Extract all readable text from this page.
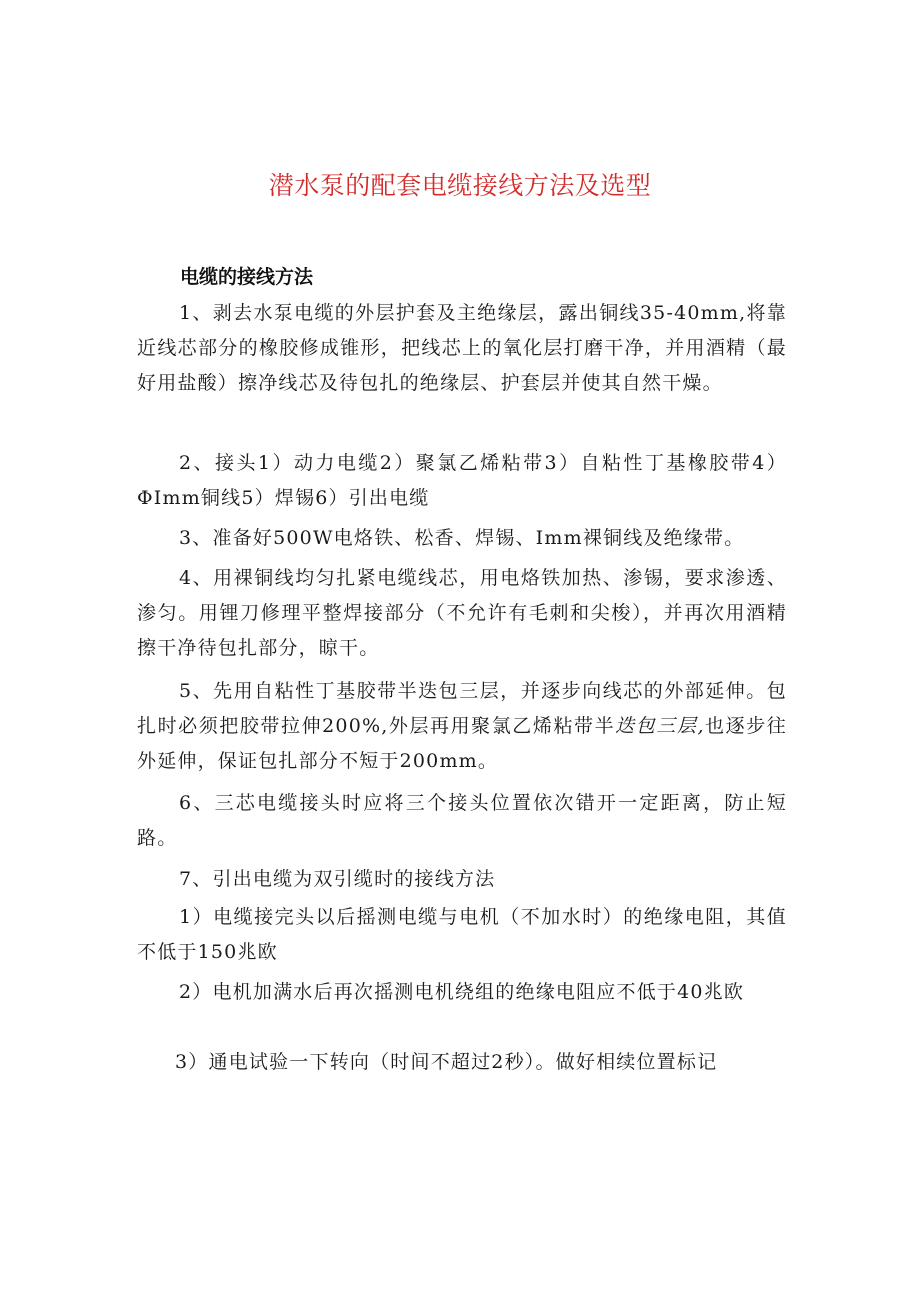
潜水泵的配套电缆接线方法及选型
电缆的接线方法
1、剥去水泵电缆的外层护套及主绝缘层，露出铜线35-40mm,将靠近线芯部分的橡胶修成锥形，把线芯上的氧化层打磨干净，并用酒精（最好用盐酸）擦净线芯及待包扎的绝缘层、护套层并使其自然干燥。
2、接头1）动力电缆2）聚氯乙烯粘带3）自粘性丁基橡胶带4）ΦImm铜线5）焊锡6）引出电缆
3、准备好500W电烙铁、松香、焊锡、Imm裸铜线及绝缘带。
4、用裸铜线均匀扎紧电缆线芯，用电烙铁加热、渗锡，要求渗透、渗匀。用锂刀修理平整焊接部分（不允许有毛刺和尖梭），并再次用酒精擦干净待包扎部分，晾干。
5、先用自粘性丁基胶带半迭包三层，并逐步向线芯的外部延伸。包扎时必须把胶带拉伸200%,外层再用聚氯乙烯粘带半迭包三层,也逐步往外延伸，保证包扎部分不短于200mm。
6、三芯电缆接头时应将三个接头位置依次错开一定距离，防止短路。
7、引出电缆为双引缆时的接线方法
1）电缆接完头以后摇测电缆与电机（不加水时）的绝缘电阻，其值不低于150兆欧
2）电机加满水后再次摇测电机绕组的绝缘电阻应不低于40兆欧
3）通电试验一下转向（时间不超过2秒）。做好相续位置标记
